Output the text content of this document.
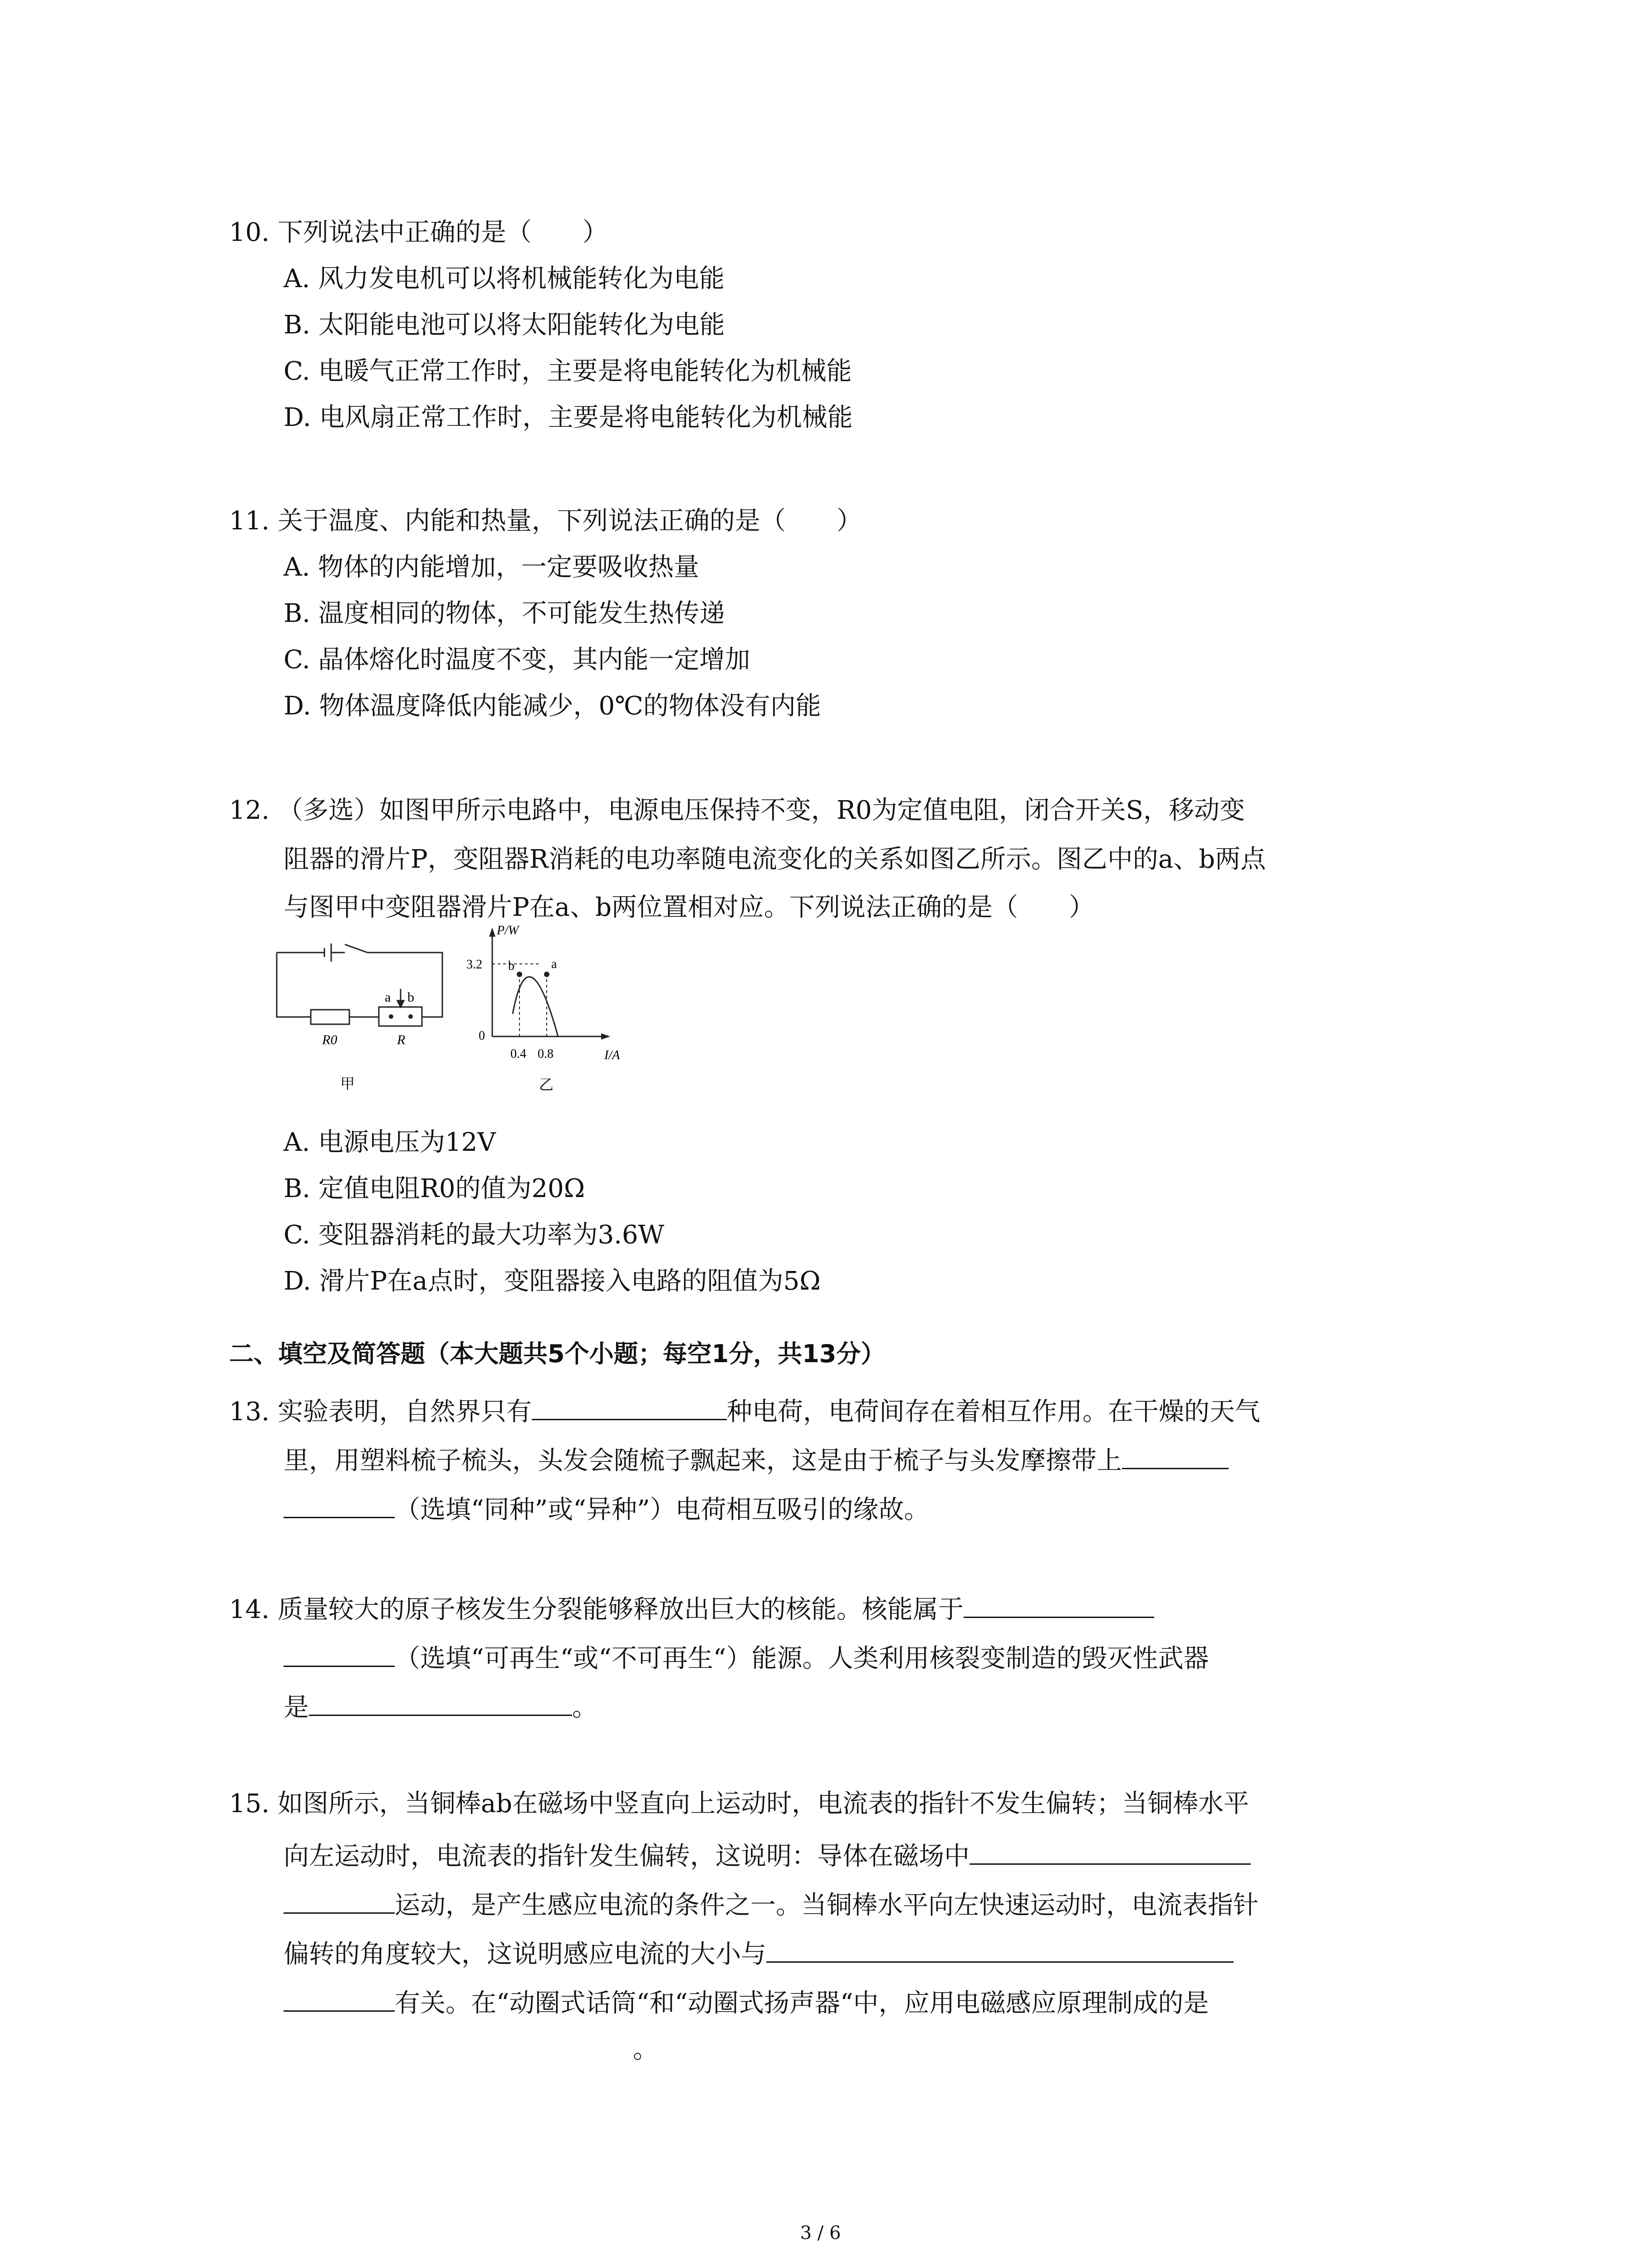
10. 下列说法中正确的是（　　）
A. 风力发电机可以将机械能转化为电能
B. 太阳能电池可以将太阳能转化为电能
C. 电暖气正常工作时，主要是将电能转化为机械能
D. 电风扇正常工作时，主要是将电能转化为机械能
11. 关于温度、内能和热量，下列说法正确的是（　　）
A. 物体的内能增加，一定要吸收热量
B. 温度相同的物体，不可能发生热传递
C. 晶体熔化时温度不变，其内能一定增加
D. 物体温度降低内能减少，0℃的物体没有内能
12. （多选）如图甲所示电路中，电源电压保持不变，R0为定值电阻，闭合开关S，移动变
阻器的滑片P，变阻器R消耗的电功率随电流变化的关系如图乙所示。图乙中的a、b两点
与图甲中变阻器滑片P在a、b两位置相对应。下列说法正确的是（　　）
a b
R0	R
甲
P/W
3.2
0
b	a
0.4 0.8	I/A
乙
A. 电源电压为12V
B. 定值电阻R0的值为20Ω
C. 变阻器消耗的最大功率为3.6W
D. 滑片P在a点时，变阻器接入电路的阻值为5Ω
二、填空及简答题（本大题共5个小题；每空1分，共13分）
13. 实验表明，自然界只有	种电荷，电荷间存在着相互作用。在干燥的天气
里，用塑料梳子梳头，头发会随梳子飘起来，这是由于梳子与头发摩擦带上
（选填“同种”或“异种”）电荷相互吸引的缘故。
14. 质量较大的原子核发生分裂能够释放出巨大的核能。核能属于
（选填“可再生“或“不可再生“）能源。人类利用核裂变制造的毁灭性武器
是	。
15. 如图所示，当铜棒ab在磁场中竖直向上运动时，电流表的指针不发生偏转；当铜棒水平
向左运动时，电流表的指针发生偏转，这说明：导体在磁场中
运动，是产生感应电流的条件之一。当铜棒水平向左快速运动时，电流表指针
偏转的角度较大，这说明感应电流的大小与
有关。在“动圈式话筒“和“动圈式扬声器“中，应用电磁感应原理制成的是
。
3 / 6
